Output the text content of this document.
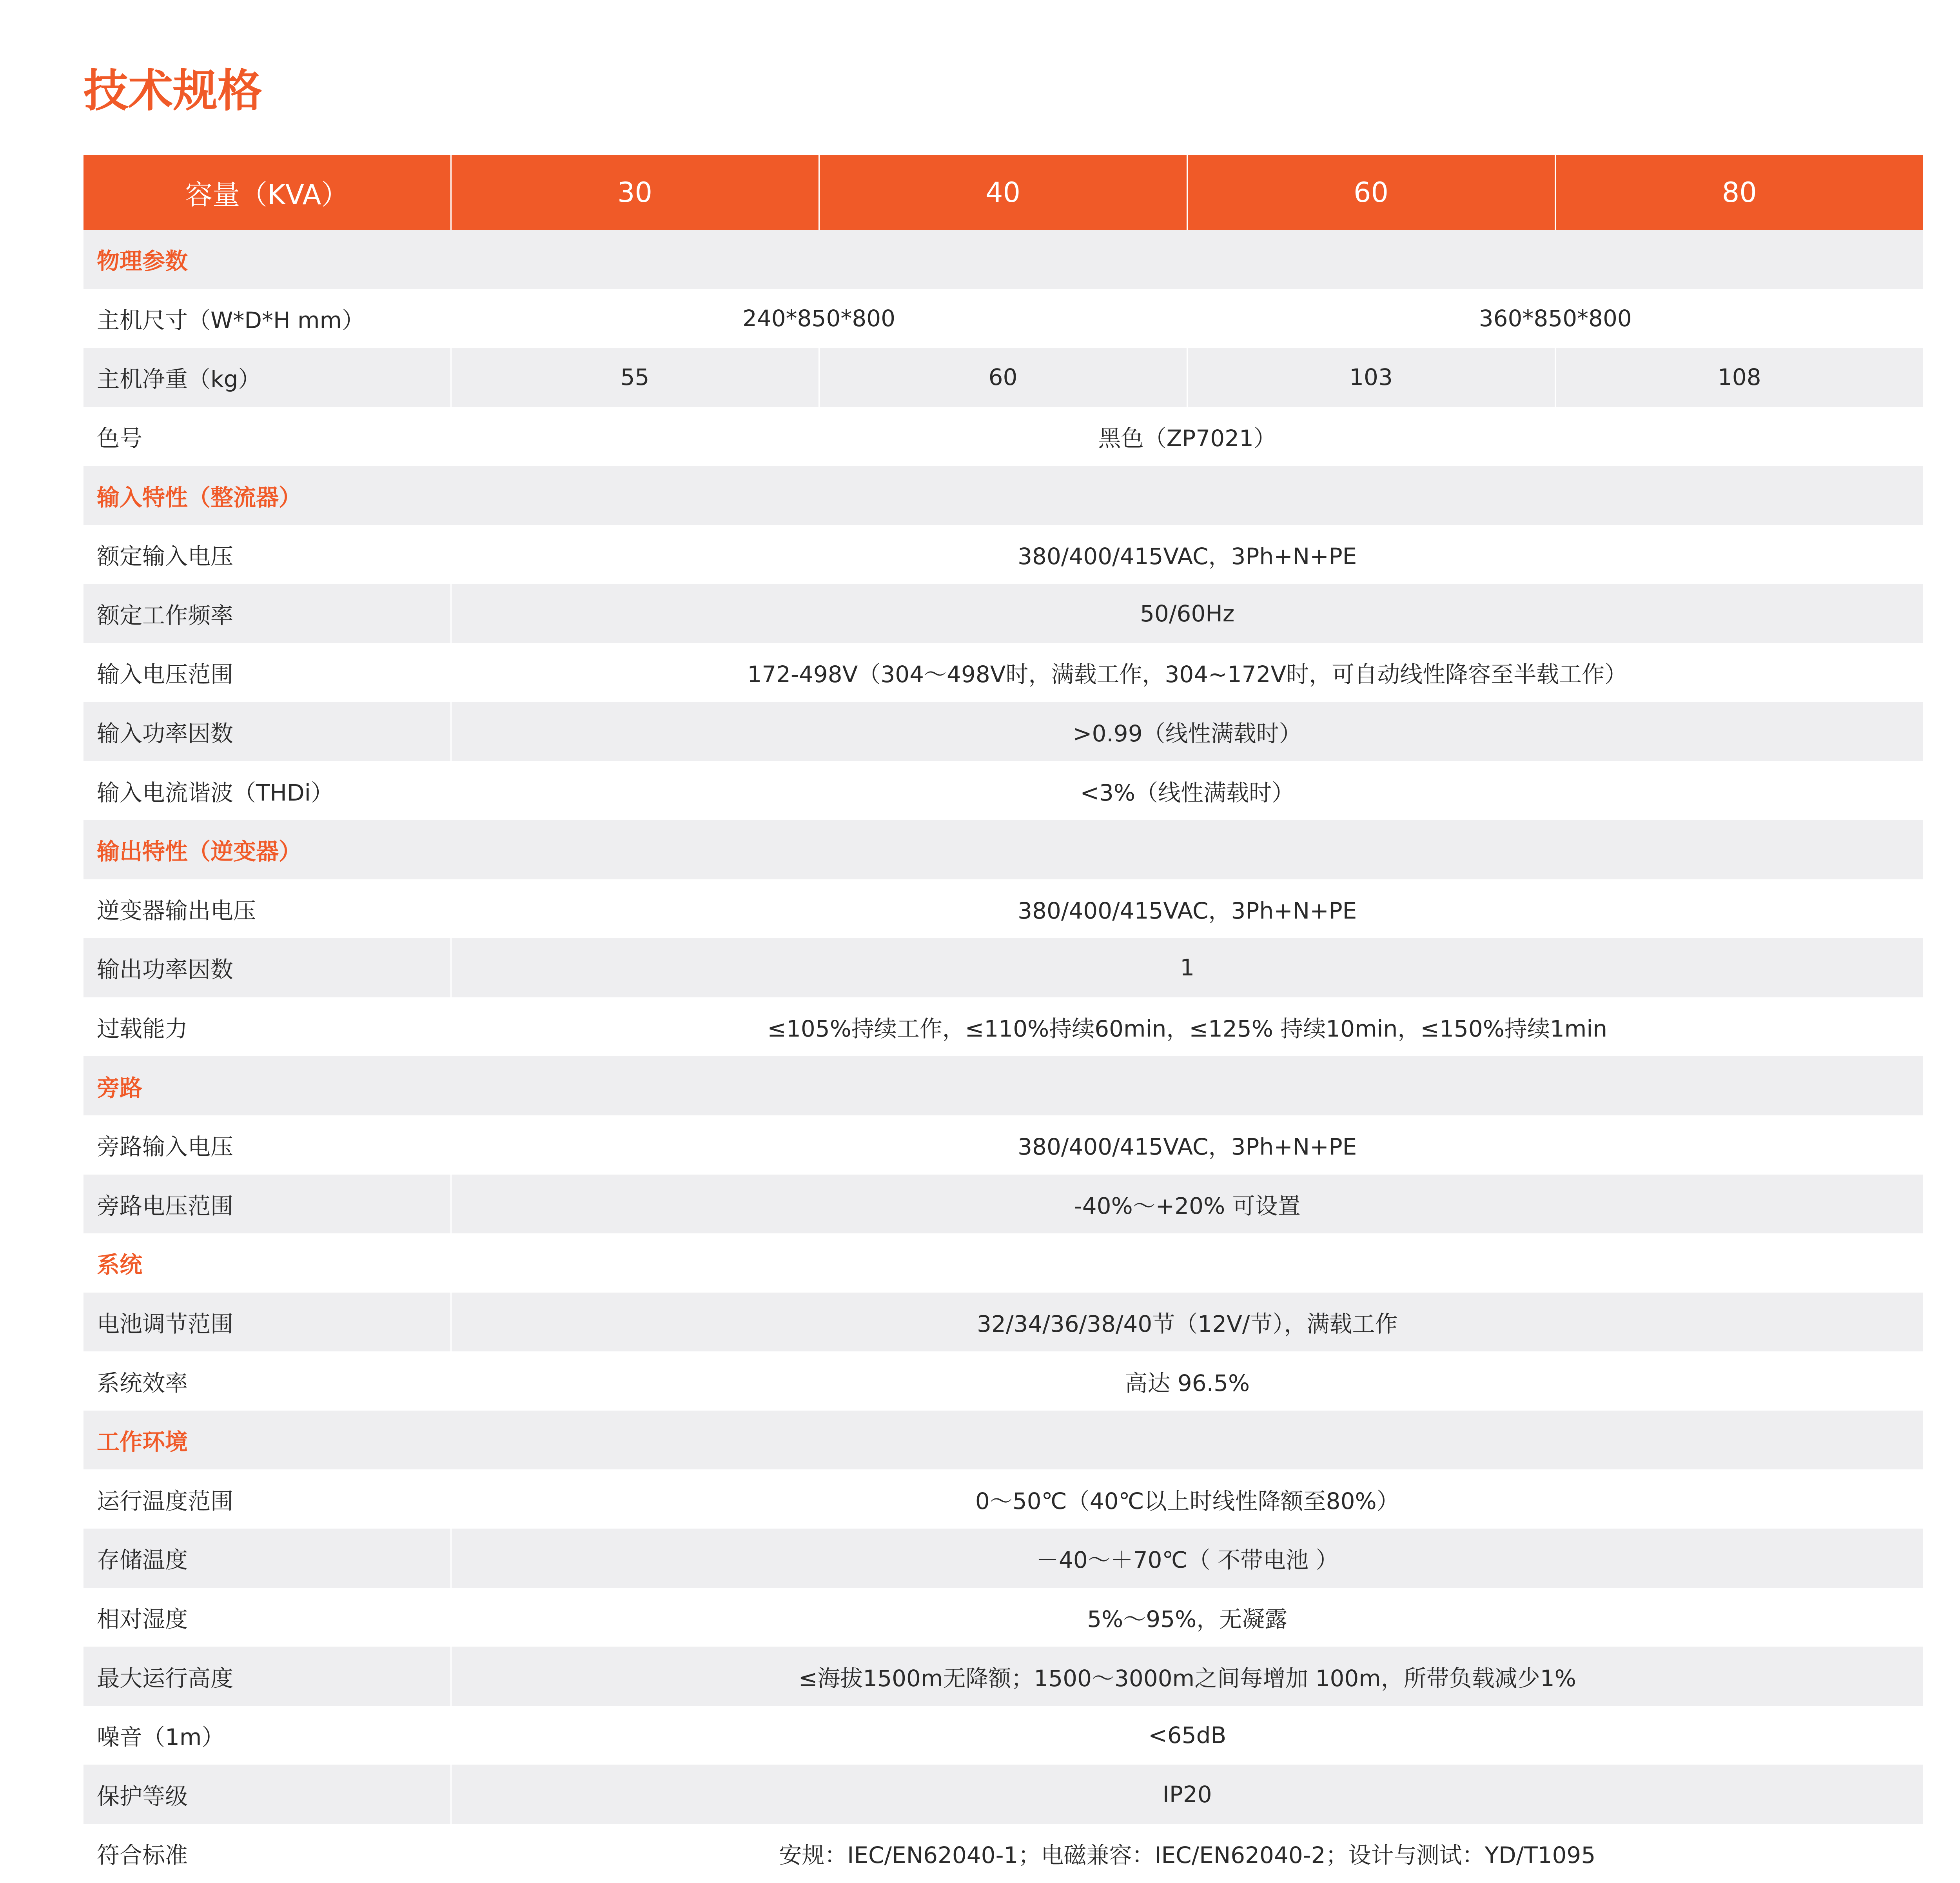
技术规格
容量（KVA）	30	40	60	80
物理参数				
主机尺寸（W*D*H mm）	240*850*800		360*850*800	
主机净重（kg）	55	60	103	108
色号	黑色（ZP7021）			
输入特性（整流器）				
额定输入电压	380/400/415VAC，3Ph+N+PE			
额定工作频率	50/60Hz			
输入电压范围	172-498V（304～498V时，满载工作，304~172V时，可自动线性降容至半载工作）			
输入功率因数	>0.99（线性满载时）			
输入电流谐波（THDi）	<3%（线性满载时）			
输出特性（逆变器）				
逆变器输出电压	380/400/415VAC，3Ph+N+PE			
输出功率因数	1			
过载能力	≤105%持续工作，≤110%持续60min，≤125% 持续10min，≤150%持续1min			
旁路				
旁路输入电压	380/400/415VAC，3Ph+N+PE			
旁路电压范围	-40%～+20% 可设置			
系统				
电池调节范围	32/34/36/38/40节（12V/节），满载工作			
系统效率	高达 96.5%			
工作环境				
运行温度范围	0～50℃（40℃以上时线性降额至80%）			
存储温度	－40～＋70℃（ 不带电池 ）			
相对湿度	5%～95%，无凝露			
最大运行高度	≤海拔1500m无降额；1500～3000m之间每增加 100m，所带负载减少1%			
噪音（1m）	<65dB			
保护等级	IP20			
符合标准	安规：IEC/EN62040-1；电磁兼容：IEC/EN62040-2；设计与测试：YD/T1095			
